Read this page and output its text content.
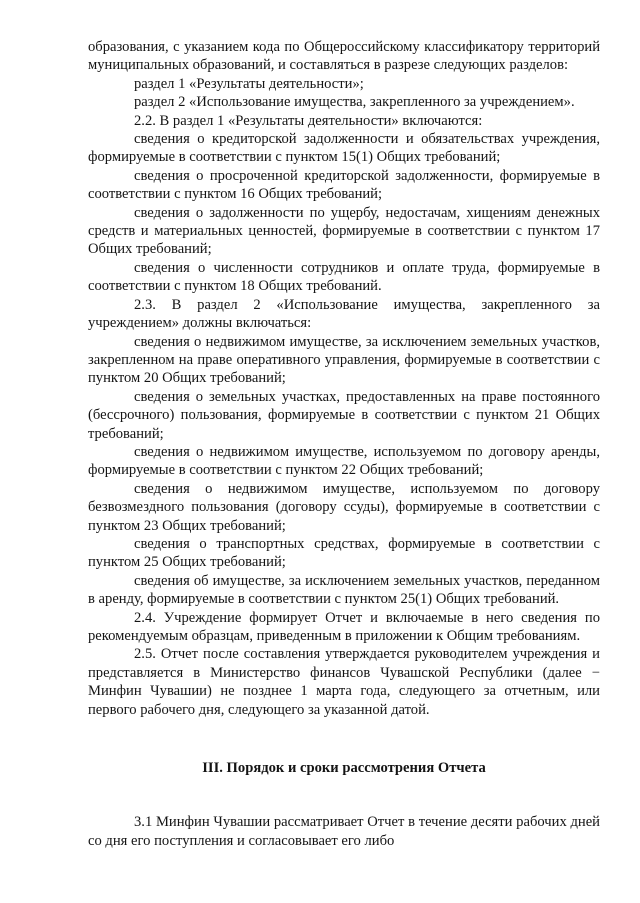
образования, с указанием кода по Общероссийскому классификатору территорий муниципальных образований, и составляться в разрезе следующих разделов:

раздел 1 «Результаты деятельности»;

раздел 2 «Использование имущества, закрепленного за учреждением».

2.2. В раздел 1 «Результаты деятельности» включаются:

сведения о кредиторской задолженности и обязательствах учреждения, формируемые в соответствии с пунктом 15(1) Общих требований;

сведения о просроченной кредиторской задолженности, формируемые в соответствии с пунктом 16 Общих требований;

сведения о задолженности по ущербу, недостачам, хищениям денежных средств и материальных ценностей, формируемые в соответствии с пунктом 17 Общих требований;

сведения о численности сотрудников и оплате труда, формируемые в соответствии с пунктом 18 Общих требований.

2.3. В раздел 2 «Использование имущества, закрепленного за учреждением» должны включаться:

сведения о недвижимом имуществе, за исключением земельных участков, закрепленном на праве оперативного управления, формируемые в соответствии с пунктом 20 Общих требований;

сведения о земельных участках, предоставленных на праве постоянного (бессрочного) пользования, формируемые в соответствии с пунктом 21 Общих требований;

сведения о недвижимом имуществе, используемом по договору аренды, формируемые в соответствии с пунктом 22 Общих требований;

сведения о недвижимом имуществе, используемом по договору безвозмездного пользования (договору ссуды), формируемые в соответствии с пунктом 23 Общих требований;

сведения о транспортных средствах, формируемые в соответствии с пунктом 25 Общих требований;

сведения об имуществе, за исключением земельных участков, переданном в аренду, формируемые в соответствии с пунктом 25(1) Общих требований.

2.4. Учреждение формирует Отчет и включаемые в него сведения по рекомендуемым образцам, приведенным в приложении к Общим требованиям.

2.5. Отчет после составления утверждается руководителем учреждения и представляется в Министерство финансов Чувашской Республики (далее − Минфин Чувашии) не позднее 1 марта года, следующего за отчетным, или первого рабочего дня, следующего за указанной датой.

III. Порядок и сроки рассмотрения Отчета

3.1 Минфин Чувашии рассматривает Отчет в течение десяти рабочих дней со дня его поступления и согласовывает его либо
